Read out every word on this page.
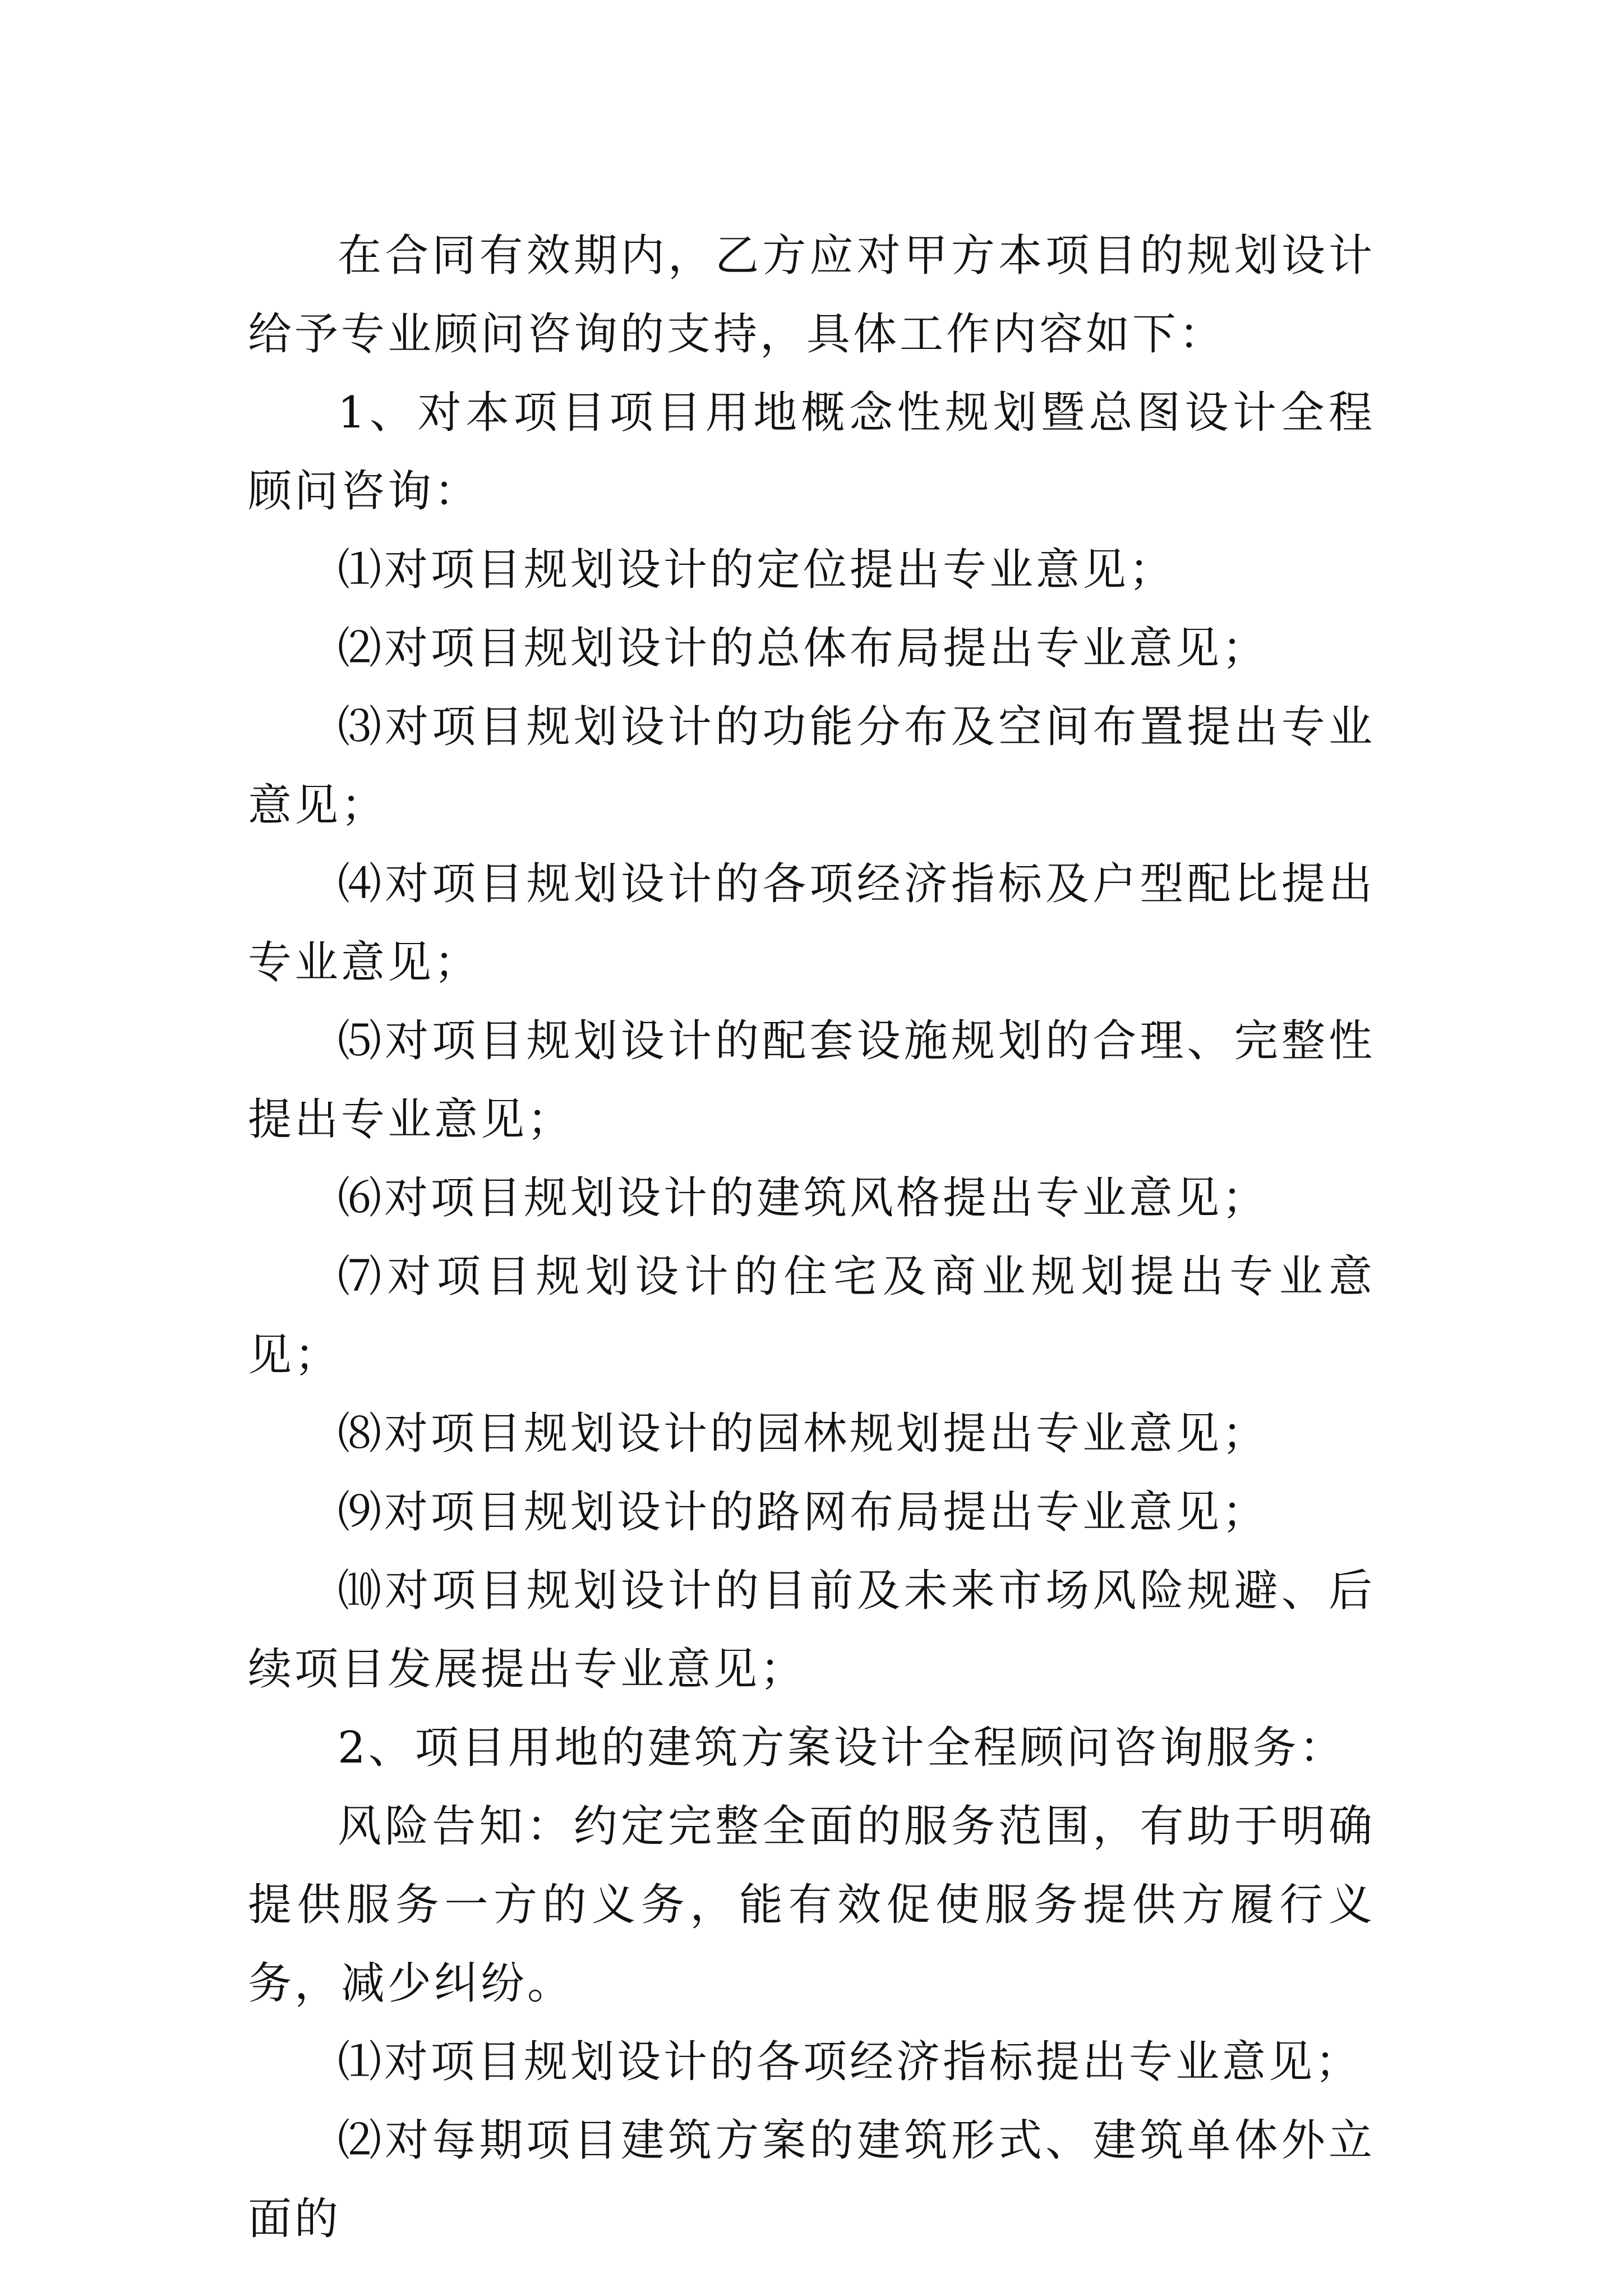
在合同有效期内，乙方应对甲方本项目的规划设计给予专业顾问咨询的支持，具体工作内容如下：

1、对本项目项目用地概念性规划暨总图设计全程顾问咨询：

⑴对项目规划设计的定位提出专业意见；

⑵对项目规划设计的总体布局提出专业意见；

⑶对项目规划设计的功能分布及空间布置提出专业意见；

⑷对项目规划设计的各项经济指标及户型配比提出专业意见；

⑸对项目规划设计的配套设施规划的合理、完整性提出专业意见；

⑹对项目规划设计的建筑风格提出专业意见；

⑺对项目规划设计的住宅及商业规划提出专业意见；

⑻对项目规划设计的园林规划提出专业意见；

⑼对项目规划设计的路网布局提出专业意见；

⑽对项目规划设计的目前及未来市场风险规避、后续项目发展提出专业意见；

2、项目用地的建筑方案设计全程顾问咨询服务：

风险告知：约定完整全面的服务范围，有助于明确提供服务一方的义务，能有效促使服务提供方履行义务，减少纠纷。

⑴对项目规划设计的各项经济指标提出专业意见；

⑵对每期项目建筑方案的建筑形式、建筑单体外立面的
